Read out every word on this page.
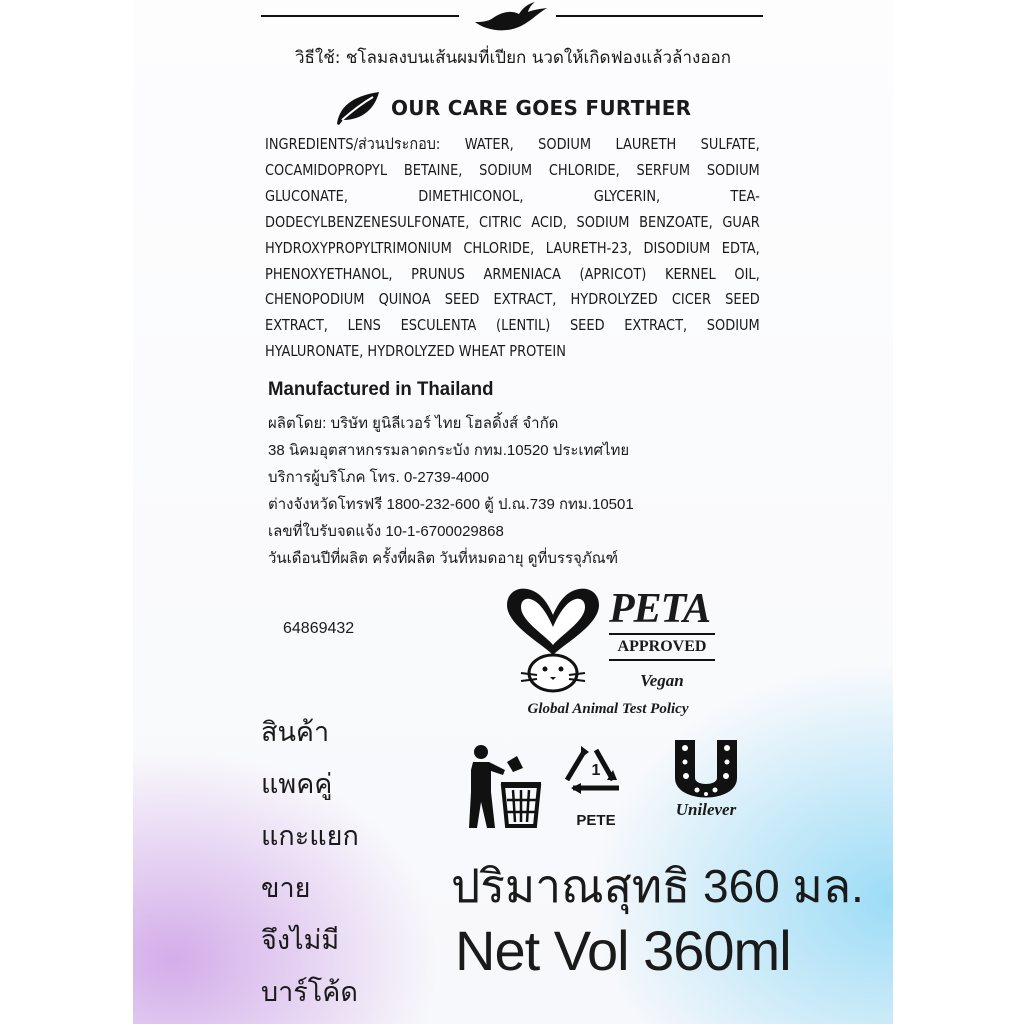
วิธีใช้: ชโลมลงบนเส้นผมที่เปียก นวดให้เกิดฟองแล้วล้างออก
OUR CARE GOES FURTHER
INGREDIENTS/ส่วนประกอบ: WATER, SODIUM LAURETH SULFATE, COCAMIDOPROPYL BETAINE, SODIUM CHLORIDE, SERFUM SODIUM GLUCONATE, DIMETHICONOL, GLYCERIN, TEA-DODECYLBENZENESULFONATE, CITRIC ACID, SODIUM BENZOATE, GUAR HYDROXYPROPYLTRIMONIUM CHLORIDE, LAURETH-23, DISODIUM EDTA, PHENOXYETHANOL, PRUNUS ARMENIACA (APRICOT) KERNEL OIL, CHENOPODIUM QUINOA SEED EXTRACT, HYDROLYZED CICER SEED EXTRACT, LENS ESCULENTA (LENTIL) SEED EXTRACT, SODIUM HYALURONATE, HYDROLYZED WHEAT PROTEIN
Manufactured in Thailand
ผลิตโดย: บริษัท ยูนิลีเวอร์ ไทย โฮลดิ้งส์ จำกัด
38 นิคมอุตสาหกรรมลาดกระบัง กทม.10520 ประเทศไทย
บริการผู้บริโภค โทร. 0-2739-4000
ต่างจังหวัดโทรฟรี 1800-232-600 ตู้ ป.ณ.739 กทม.10501
เลขที่ใบรับจดแจ้ง 10-1-6700029868
วันเดือนปีที่ผลิต ครั้งที่ผลิต วันที่หมดอายุ ดูที่บรรจุภัณฑ์
64869432	PETA
APPROVED
Vegan
Global Animal Test Policy
สินค้า
แพคคู่
แกะแยกขาย
จึงไม่มี
บาร์โค้ด
1
PETE
Unilever
ปริมาณสุทธิ 360 มล.
Net Vol 360ml
